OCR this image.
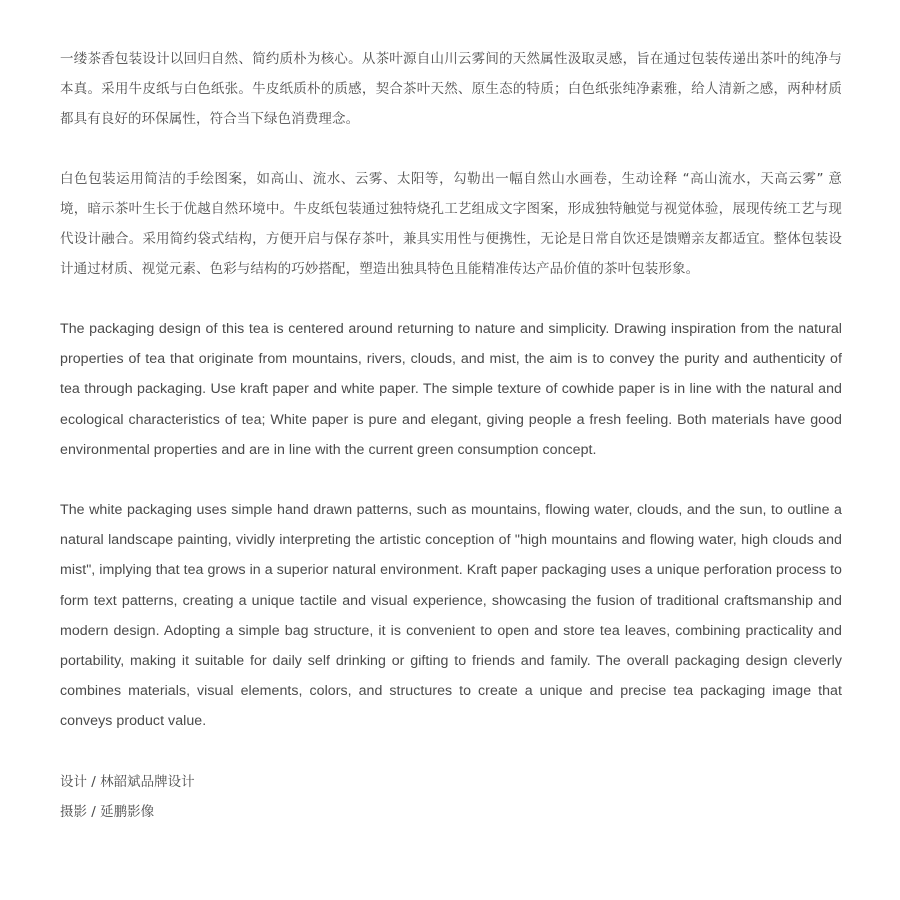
一缕茶香包装设计以回归自然、简约质朴为核心。从茶叶源自山川云雾间的天然属性汲取灵感，旨在通过包装传递出茶叶的纯净与本真。采用牛皮纸与白色纸张。牛皮纸质朴的质感，契合茶叶天然、原生态的特质；白色纸张纯净素雅，给人清新之感，两种材质都具有良好的环保属性，符合当下绿色消费理念。

白色包装运用简洁的手绘图案，如高山、流水、云雾、太阳等，勾勒出一幅自然山水画卷，生动诠释 “高山流水，天高云雾” 意境，暗示茶叶生长于优越自然环境中。牛皮纸包装通过独特烧孔工艺组成文字图案，形成独特触觉与视觉体验，展现传统工艺与现代设计融合。采用简约袋式结构，方便开启与保存茶叶，兼具实用性与便携性，无论是日常自饮还是馈赠亲友都适宜。整体包装设计通过材质、视觉元素、色彩与结构的巧妙搭配，塑造出独具特色且能精准传达产品价值的茶叶包装形象。

The packaging design of this tea is centered around returning to nature and simplicity. Drawing inspiration from the natural properties of tea that originate from mountains, rivers, clouds, and mist, the aim is to convey the purity and authenticity of tea through packaging. Use kraft paper and white paper. The simple texture of cowhide paper is in line with the natural and ecological characteristics of tea; White paper is pure and elegant, giving people a fresh feeling. Both materials have good environmental properties and are in line with the current green consumption concept.

The white packaging uses simple hand drawn patterns, such as mountains, flowing water, clouds, and the sun, to outline a natural landscape painting, vividly interpreting the artistic conception of "high mountains and flowing water, high clouds and mist", implying that tea grows in a superior natural environment. Kraft paper packaging uses a unique perforation process to form text patterns, creating a unique tactile and visual experience, showcasing the fusion of traditional craftsmanship and modern design. Adopting a simple bag structure, it is convenient to open and store tea leaves, combining practicality and portability, making it suitable for daily self drinking or gifting to friends and family. The overall packaging design cleverly combines materials, visual elements, colors, and structures to create a unique and precise tea packaging image that conveys product value.

设计 / 林韶斌品牌设计

摄影 / 延鹏影像
